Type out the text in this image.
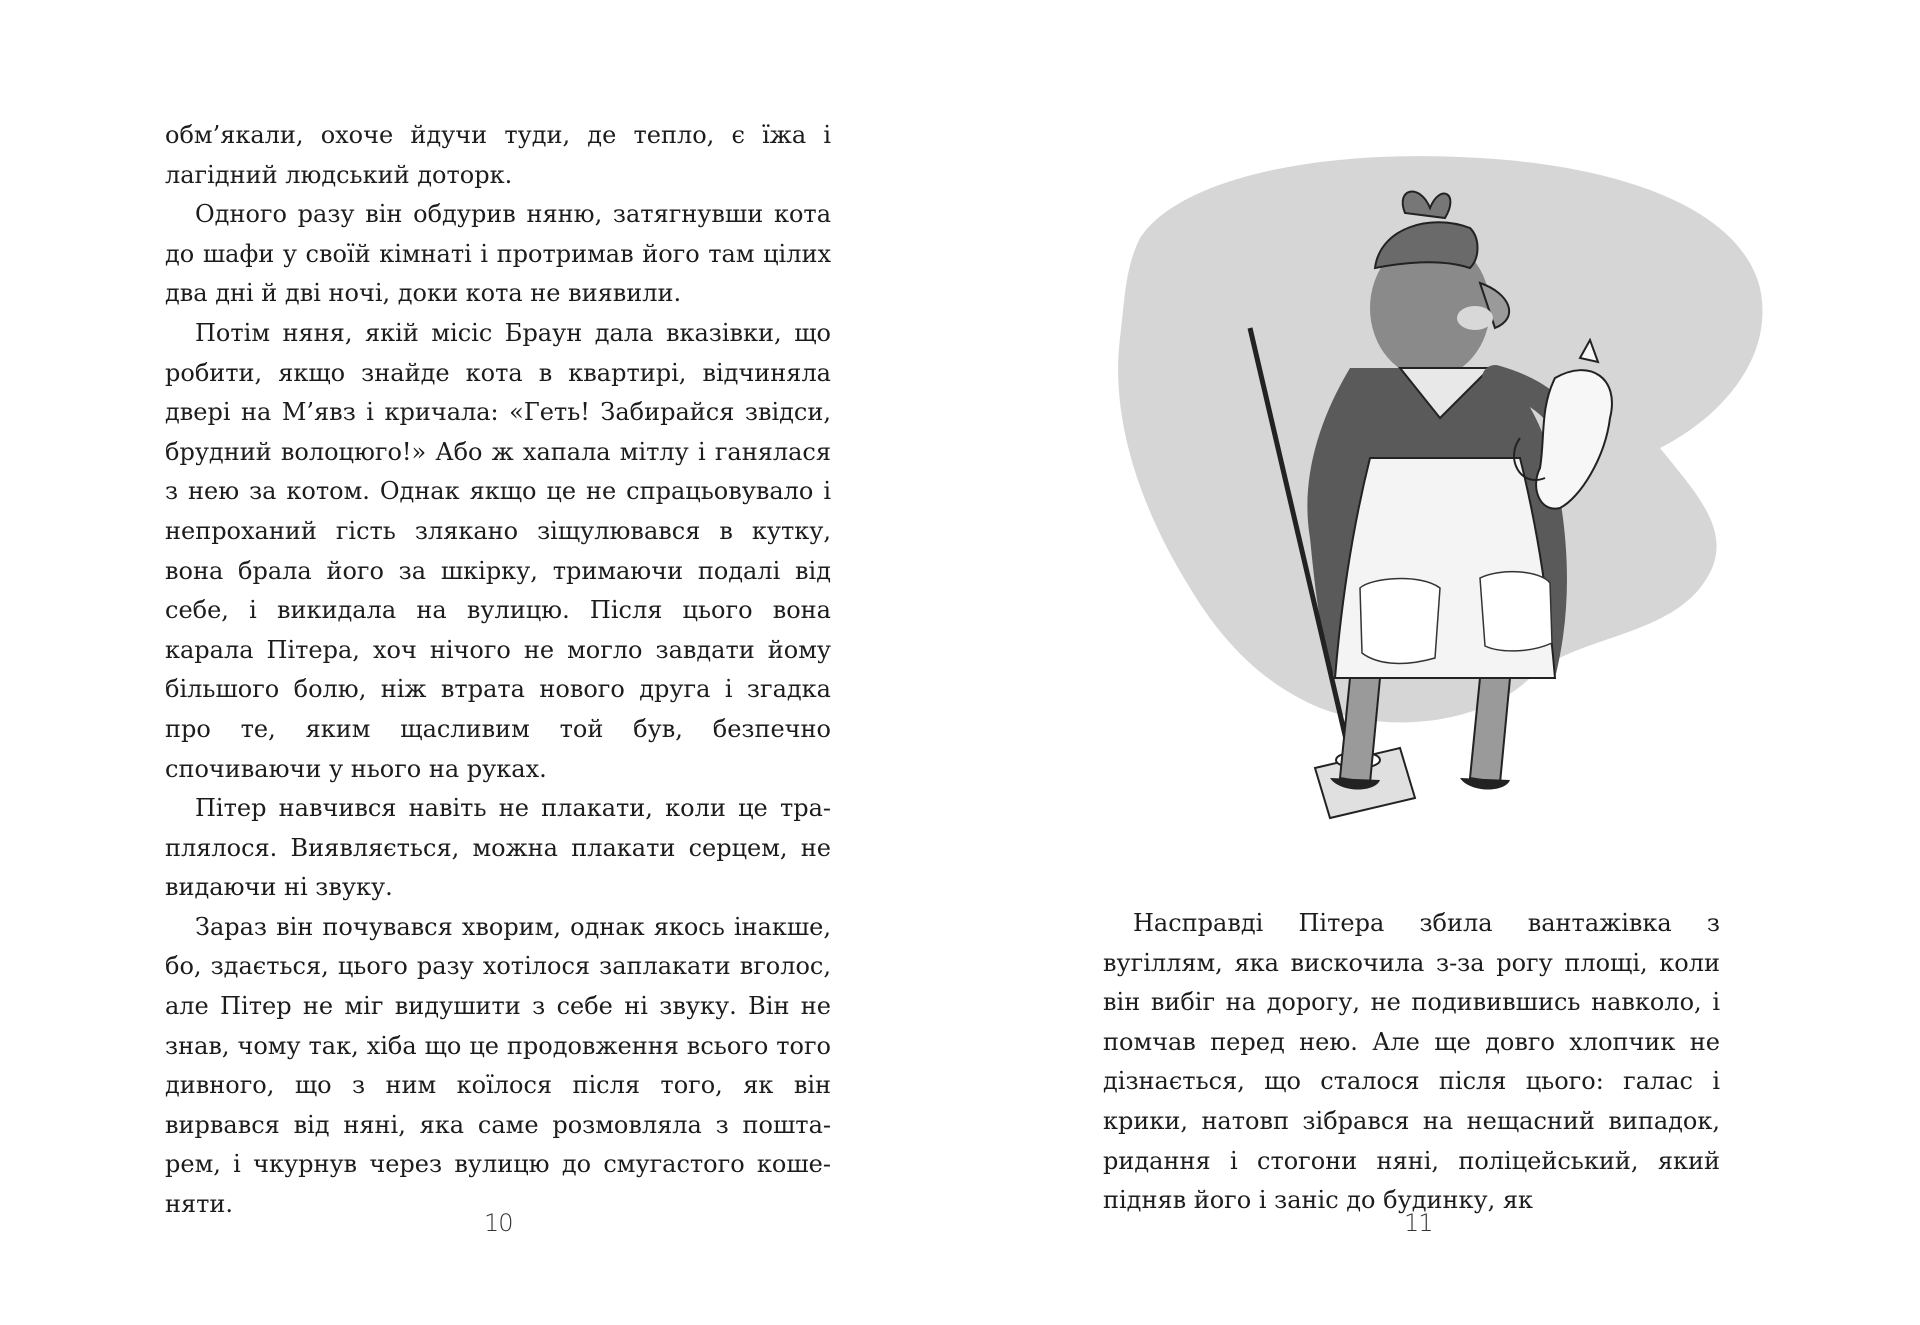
обм’якали, охоче йдучи туди, де тепло, є їжа і лагідний людський доторк.

Одного разу він обдурив няню, затягнувши кота до шафи у своїй кімнаті і протримав його там цілих два дні й дві ночі, доки кота не виявили.

Потім няня, якій місіс Браун дала вказівки, що робити, якщо знайде кота в квартирі, відчиняла двері на М’явз і кричала: «Геть! Забирайся звідси, брудний волоцюго!» Або ж хапала мітлу і ганялася з нею за котом. Однак якщо це не спрацьовувало і непроханий гість злякано зіщулювався в кутку, вона брала його за шкірку, тримаючи подалі від себе, і викидала на вулицю. Після цього вона карала Пітера, хоч нічого не могло завдати йому більшого болю, ніж втрата нового друга і згадка про те, яким щасливим той був, безпечно спочиваючи у нього на руках.

Пітер навчився навіть не плакати, коли це траплялося. Виявляється, можна плакати серцем, не видаючи ні звуку.

Зараз він почувався хворим, однак якось інакше, бо, здається, цього разу хотілося заплакати вголос, але Пітер не міг видушити з себе ні звуку. Він не знав, чому так, хіба що це продовження всього того дивного, що з ним коїлося після того, як він вирвався від няні, яка саме розмовляла з поштарем, і чкурнув через вулицю до смугастого кошеняти.

10

Насправді Пітера збила вантажівка з вугіллям, яка вискочила з-за рогу площі, коли він вибіг на дорогу, не подивившись навколо, і помчав перед нею. Але ще довго хлопчик не дізнається, що сталося після цього: галас і крики, натовп зібрався на нещасний випадок, ридання і стогони няні, поліцейський, який підняв його і заніс до будинку, як

11
